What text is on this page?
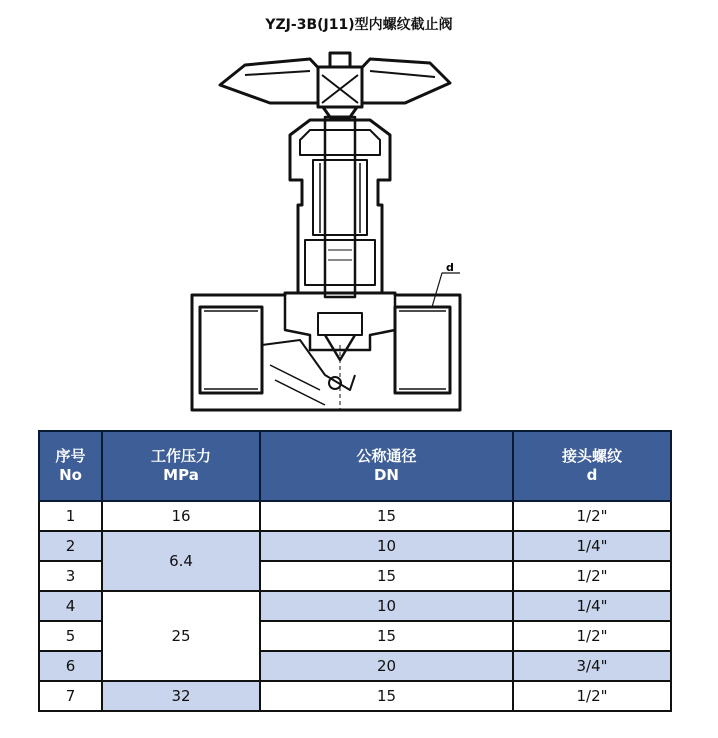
YZJ-3B(J11)型内螺纹截止阀
d
序号
No	工作压力
MPa	公称通径
DN	接头螺纹
d

1	16	15	1/2"
2	6.4	10	1/4"
3		15	1/2"
4	25	10	1/4"
5		15	1/2"
6		20	3/4"
7	32	15	1/2"
